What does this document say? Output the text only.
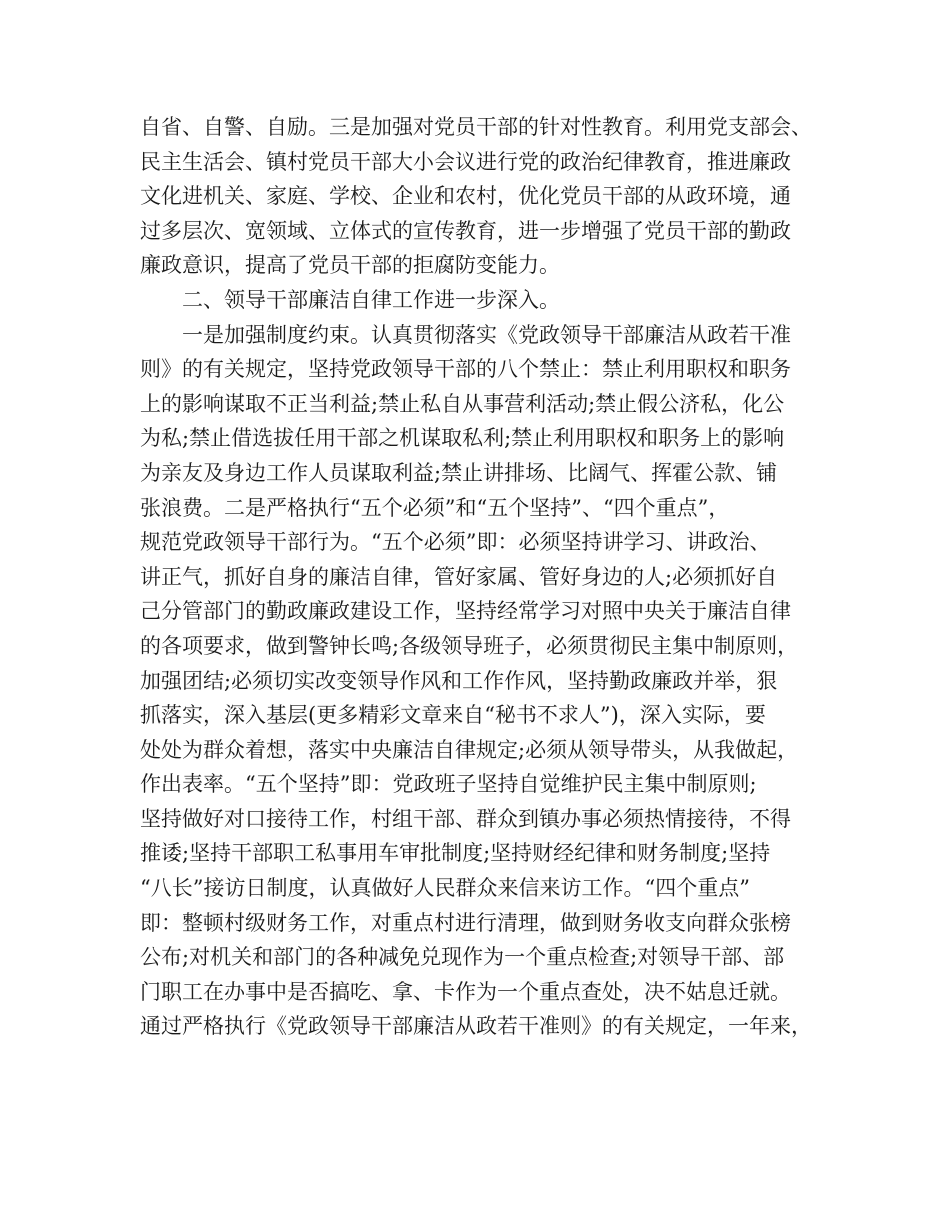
自省、自警、自励。三是加强对党员干部的针对性教育。利用党支部会、
民主生活会、镇村党员干部大小会议进行党的政治纪律教育，推进廉政
文化进机关、家庭、学校、企业和农村，优化党员干部的从政环境，通
过多层次、宽领域、立体式的宣传教育，进一步增强了党员干部的勤政
廉政意识，提高了党员干部的拒腐防变能力。
二、领导干部廉洁自律工作进一步深入。
一是加强制度约束。认真贯彻落实《党政领导干部廉洁从政若干准
则》的有关规定，坚持党政领导干部的八个禁止：禁止利用职权和职务
上的影响谋取不正当利益;禁止私自从事营利活动;禁止假公济私，化公
为私;禁止借选拔任用干部之机谋取私利;禁止利用职权和职务上的影响
为亲友及身边工作人员谋取利益;禁止讲排场、比阔气、挥霍公款、铺
张浪费。二是严格执行“五个必须”和“五个坚持”、“四个重点”，
规范党政领导干部行为。“五个必须”即：必须坚持讲学习、讲政治、
讲正气，抓好自身的廉洁自律，管好家属、管好身边的人;必须抓好自
己分管部门的勤政廉政建设工作，坚持经常学习对照中央关于廉洁自律
的各项要求，做到警钟长鸣;各级领导班子，必须贯彻民主集中制原则，
加强团结;必须切实改变领导作风和工作作风，坚持勤政廉政并举，狠
抓落实，深入基层(更多精彩文章来自“秘书不求人”)，深入实际，要
处处为群众着想，落实中央廉洁自律规定;必须从领导带头，从我做起，
作出表率。“五个坚持”即：党政班子坚持自觉维护民主集中制原则;
坚持做好对口接待工作，村组干部、群众到镇办事必须热情接待，不得
推诿;坚持干部职工私事用车审批制度;坚持财经纪律和财务制度;坚持
“八长”接访日制度，认真做好人民群众来信来访工作。“四个重点”
即：整顿村级财务工作，对重点村进行清理，做到财务收支向群众张榜
公布;对机关和部门的各种减免兑现作为一个重点检查;对领导干部、部
门职工在办事中是否搞吃、拿、卡作为一个重点查处，决不姑息迁就。
通过严格执行《党政领导干部廉洁从政若干准则》的有关规定，一年来，
